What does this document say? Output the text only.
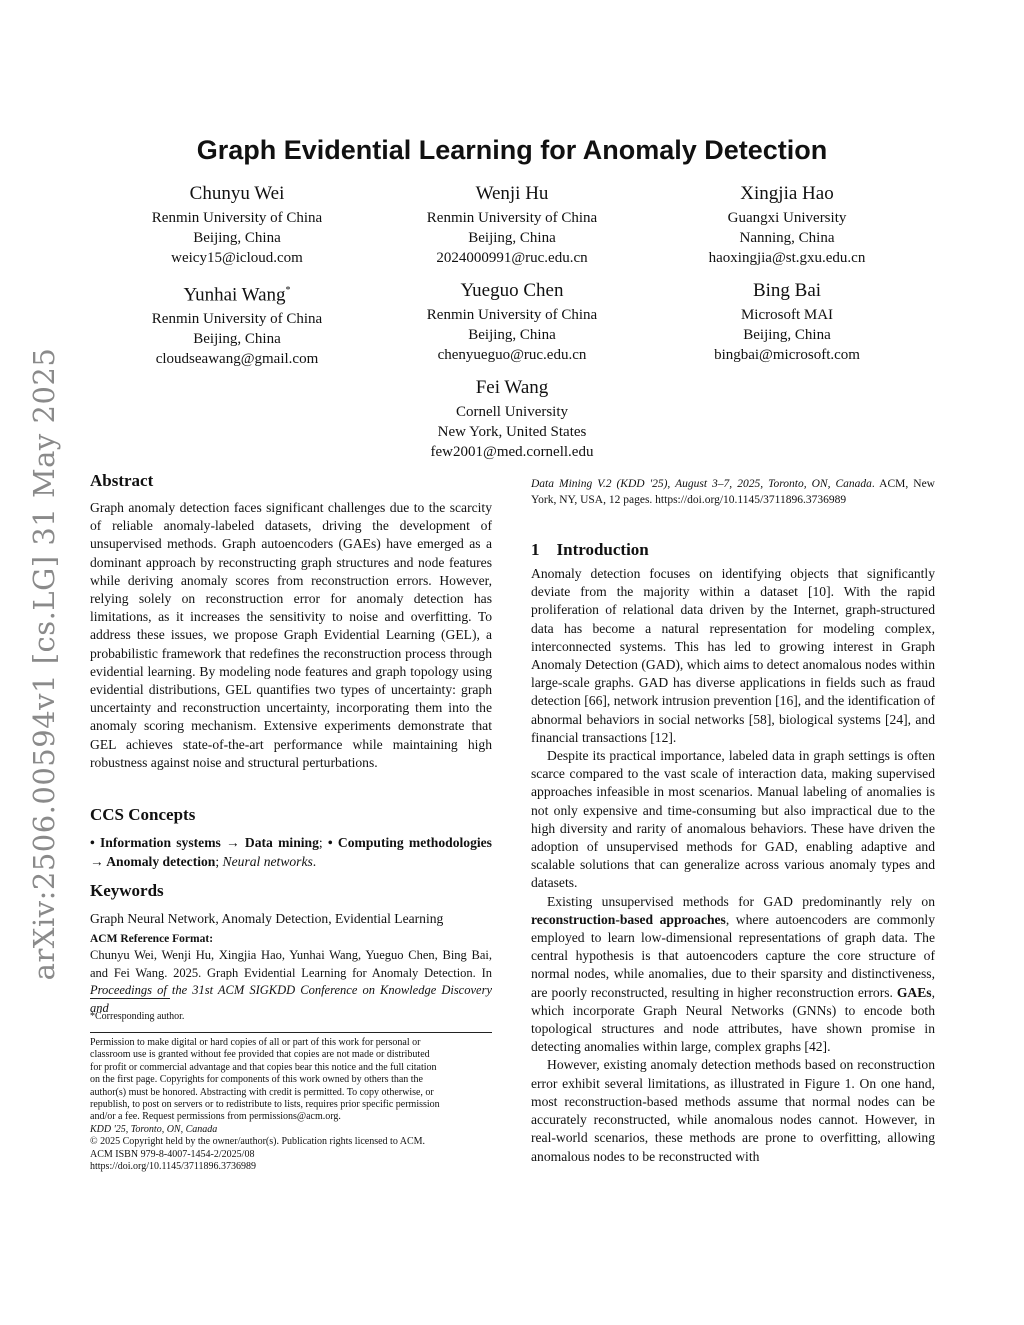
arXiv:2506.00594v1 [cs.LG] 31 May 2025
Graph Evidential Learning for Anomaly Detection
Chunyu Wei
Renmin University of China
Beijing, China
weicy15@icloud.com
Wenji Hu
Renmin University of China
Beijing, China
2024000991@ruc.edu.cn
Xingjia Hao
Guangxi University
Nanning, China
haoxingjia@st.gxu.edu.cn
Yunhai Wang*
Renmin University of China
Beijing, China
cloudseawang@gmail.com
Yueguo Chen
Renmin University of China
Beijing, China
chenyueguo@ruc.edu.cn
Bing Bai
Microsoft MAI
Beijing, China
bingbai@microsoft.com
Fei Wang
Cornell University
New York, United States
few2001@med.cornell.edu
Abstract

Graph anomaly detection faces significant challenges due to the scarcity of reliable anomaly-labeled datasets, driving the development of unsupervised methods. Graph autoencoders (GAEs) have emerged as a dominant approach by reconstructing graph structures and node features while deriving anomaly scores from reconstruction errors. However, relying solely on reconstruction error for anomaly detection has limitations, as it increases the sensitivity to noise and overfitting. To address these issues, we propose Graph Evidential Learning (GEL), a probabilistic framework that redefines the reconstruction process through evidential learning. By modeling node features and graph topology using evidential distributions, GEL quantifies two types of uncertainty: graph uncertainty and reconstruction uncertainty, incorporating them into the anomaly scoring mechanism. Extensive experiments demonstrate that GEL achieves state-of-the-art performance while maintaining high robustness against noise and structural perturbations.

CCS Concepts
• Information systems → Data mining; • Computing methodologies → Anomaly detection; Neural networks.
Keywords
Graph Neural Network, Anomaly Detection, Evidential Learning
ACM Reference Format:
Chunyu Wei, Wenji Hu, Xingjia Hao, Yunhai Wang, Yueguo Chen, Bing Bai, and Fei Wang. 2025. Graph Evidential Learning for Anomaly Detection. In Proceedings of the 31st ACM SIGKDD Conference on Knowledge Discovery and
*Corresponding author.
Permission to make digital or hard copies of all or part of this work for personal or
classroom use is granted without fee provided that copies are not made or distributed
for profit or commercial advantage and that copies bear this notice and the full citation
on the first page. Copyrights for components of this work owned by others than the
author(s) must be honored. Abstracting with credit is permitted. To copy otherwise, or
republish, to post on servers or to redistribute to lists, requires prior specific permission
and/or a fee. Request permissions from permissions@acm.org.
KDD '25, Toronto, ON, Canada
© 2025 Copyright held by the owner/author(s). Publication rights licensed to ACM.
ACM ISBN 979-8-4007-1454-2/2025/08
https://doi.org/10.1145/3711896.3736989
Data Mining V.2 (KDD '25), August 3–7, 2025, Toronto, ON, Canada. ACM, New York, NY, USA, 12 pages. https://doi.org/10.1145/3711896.3736989
1 Introduction

Anomaly detection focuses on identifying objects that significantly deviate from the majority within a dataset [10]. With the rapid proliferation of relational data driven by the Internet, graph-structured data has become a natural representation for modeling complex, interconnected systems. This has led to growing interest in Graph Anomaly Detection (GAD), which aims to detect anomalous nodes within large-scale graphs. GAD has diverse applications in fields such as fraud detection [66], network intrusion prevention [16], and the identification of abnormal behaviors in social networks [58], biological systems [24], and financial transactions [12].

Despite its practical importance, labeled data in graph settings is often scarce compared to the vast scale of interaction data, making supervised approaches infeasible in most scenarios. Manual labeling of anomalies is not only expensive and time-consuming but also impractical due to the high diversity and rarity of anomalous behaviors. These have driven the adoption of unsupervised methods for GAD, enabling adaptive and scalable solutions that can generalize across various anomaly types and datasets.

Existing unsupervised methods for GAD predominantly rely on reconstruction-based approaches, where autoencoders are commonly employed to learn low-dimensional representations of graph data. The central hypothesis is that autoencoders capture the core structure of normal nodes, while anomalies, due to their sparsity and distinctiveness, are poorly reconstructed, resulting in higher reconstruction errors. GAEs, which incorporate Graph Neural Networks (GNNs) to encode both topological structures and node attributes, have shown promise in detecting anomalies within large, complex graphs [42].

However, existing anomaly detection methods based on reconstruction error exhibit several limitations, as illustrated in Figure 1. On one hand, most reconstruction-based methods assume that normal nodes can be accurately reconstructed, while anomalous nodes cannot. However, in real-world scenarios, these methods are prone to overfitting, allowing anomalous nodes to be reconstructed with
